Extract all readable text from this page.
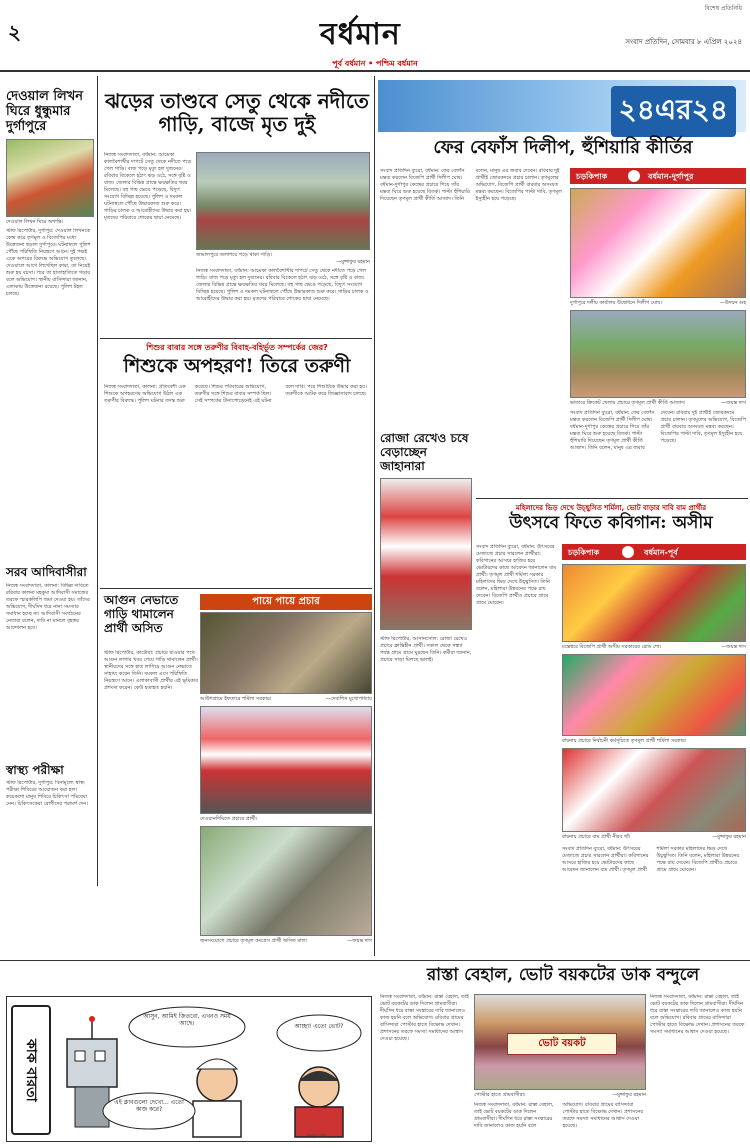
২	বর্ধমান
বিশেষ প্রতিনিধি
সংবাদ প্রতিদিন, সোমবার ৮ এপ্রিল ২০২৪
পূর্ব বর্ধমান • পশ্চিম বর্ধমান
দেওয়াল লিখন ঘিরে ধুন্ধুমার দুর্গাপুরে
দেওয়াল লিখন ঘিরে অশান্তি।
স্টাফ রিপোর্টার, দুর্গাপুর: দেওয়াল লিখনকে কেন্দ্র করে তৃণমূল ও বিজেপির মধ্যে উত্তেজনা ছড়াল দুর্গাপুরে। ঘটনাস্থলে পুলিশ পৌঁছে পরিস্থিতি নিয়ন্ত্রণে আনে। দুই পক্ষই একে অপরের বিরুদ্ধে অভিযোগ তুলেছে। দেওয়ালে আগে লিখেছিল কারা, তা নিয়েই শুরু হয় বচসা। পরে তা হাতাহাতিতে গড়ায় বলে অভিযোগ। স্থানীয় বাসিন্দারা জানান, এলাকায় উত্তেজনা রয়েছে। পুলিশ টহল চলছে।
সরব আদিবাসীরা
নিজস্ব সংবাদদাতা, কালনা: বিভিন্ন দাবিতে রবিবার কালনা মহকুমা আদিবাসী সমাজের তরফে স্মারকলিপি জমা দেওয়া হয়। তাঁদের অভিযোগ, দীর্ঘদিন ধরে নানা সমস্যার সমাধান হচ্ছে না। আদিবাসী সংগঠনের নেতারা বলেন, দাবি না মানলে বৃহত্তর আন্দোলন হবে।
স্বাস্থ্য পরীক্ষা
স্টাফ রিপোর্টার, দুর্গাপুর: বিনামূল্যে স্বাস্থ্য পরীক্ষা শিবিরের আয়োজন করা হল। কয়েকশো মানুষ শিবিরে চিকিৎসা পরিষেবা নেন। চিকিৎসকেরা রোগীদের পরামর্শ দেন।
ঝড়ের তাণ্ডবে সেতু থেকে নদীতে গাড়ি, বাজে মৃত দুই
নিজস্ব সংবাদদাতা, বর্ধমান: আচমকা কালবৈশাখীর দাপটে সেতু থেকে নদীতে পড়ে গেল গাড়ি। বাজ পড়ে মৃত্যু হল দুজনের। রবিবার বিকেলে হঠাৎ ঝড় ওঠে, সঙ্গে বৃষ্টি ও বাজ। জেলার বিভিন্ন প্রান্তে ক্ষয়ক্ষতির খবর মিলেছে। বহু গাছ ভেঙে পড়েছে, বিদ্যুৎ সংযোগ বিচ্ছিন্ন হয়েছে। পুলিশ ও দমকল ঘটনাস্থলে পৌঁছে উদ্ধারকাজ শুরু করে। গাড়ির চালক ও আরোহীদের উদ্ধার করা হয়। মৃতদের পরিবারে শোকের ছায়া নেমেছে।
জামালপুরে জলাশয়ে পড়ে থাকা গাড়ি।
—মুন্সাফুর রহমান
নিজস্ব সংবাদদাতা, বর্ধমান: আচমকা কালবৈশাখীর দাপটে সেতু থেকে নদীতে পড়ে গেল গাড়ি। বাজ পড়ে মৃত্যু হল দুজনের। রবিবার বিকেলে হঠাৎ ঝড় ওঠে, সঙ্গে বৃষ্টি ও বাজ। জেলার বিভিন্ন প্রান্তে ক্ষয়ক্ষতির খবর মিলেছে। বহু গাছ ভেঙে পড়েছে, বিদ্যুৎ সংযোগ বিচ্ছিন্ন হয়েছে। পুলিশ ও দমকল ঘটনাস্থলে পৌঁছে উদ্ধারকাজ শুরু করে। গাড়ির চালক ও আরোহীদের উদ্ধার করা হয়। মৃতদের পরিবারে শোকের ছায়া নেমেছে।
শিশুর বাবার সঙ্গে তরুণীর বিবাহ-বহির্ভূত সম্পর্কের জের?
শিশুকে অপহরণ! তিরে তরুণী
নিজস্ব সংবাদদাতা, কালনা: প্রতিবেশী এক শিশুকে অপহরণের অভিযোগ উঠল এক তরুণীর বিরুদ্ধে। পুলিশ ঘটনার তদন্ত শুরু করেছে। শিশুর পরিবারের অভিযোগ, তরুণীর সঙ্গে শিশুর বাবার সম্পর্ক ছিল। সেই সম্পর্কের টানাপোড়েনেই এই ঘটনা বলে দাবি। পরে শিশুটিকে উদ্ধার করা হয়। তরুণীকে আটক করে জিজ্ঞাসাবাদ চলছে।
আগুন নেভাতে গাড়ি থামালেন প্রার্থী অসিত
স্টাফ রিপোর্টার, কাটোয়া: প্রচারে যাওয়ার পথে আগুন লাগার খবর পেয়ে গাড়ি থামালেন প্রার্থী। স্থানীয়দের সঙ্গে হাত লাগিয়ে আগুন নেভাতে সাহায্য করেন তিনি। দমকল এসে পরিস্থিতি নিয়ন্ত্রণে আনে। এলাকাবাসী প্রার্থীর এই ভূমিকার প্রশংসা করেন। কেউ হতাহত হয়নি।
পায়ে পায়ে প্রচার
আউশগ্রামে ইফতারে শর্মিলা সরকার।	—দেবাশিস মুখোপাধ্যায়
দেওয়ানদিঘিতে প্রচারে প্রার্থী।
জনসংযোগে প্রচারে তৃণমূল কংগ্রেস প্রার্থী অসিত মাল।	—জয়ন্ত দাস
২৪এর২৪
ফের বেফাঁস দিলীপ, হুঁশিয়ারি কীর্তির
সংবাদ প্রতিদিন ব্যুরো, বর্ধমান: ফের বেফাঁস মন্তব্য করলেন বিজেপি প্রার্থী দিলীপ ঘোষ। বর্ধমান-দুর্গাপুর কেন্দ্রের প্রচারে গিয়ে তাঁর মন্তব্য ঘিরে শুরু হয়েছে বিতর্ক। পাল্টা হুঁশিয়ারি দিয়েছেন তৃণমূল প্রার্থী কীর্তি আজাদ। তিনি বলেন, মানুষ এর জবাব দেবেন। রবিবার দুই প্রার্থীই জোরকদমে প্রচার চালান। তৃণমূলের অভিযোগ, বিজেপি প্রার্থী বারবার অসংযত মন্তব্য করছেন। বিজেপির পাল্টা দাবি, তৃণমূল ইস্যুহীন হয়ে পড়েছে।
চড়কিপাক	বর্ধমান-দুর্গাপুর
দুর্গাপুরে দলীয় কার্যালয় উদ্বোধনে দিলীপ ঘোষ।	—উদয়ন গুহ
ভাতারে ক্রিকেট খেলায় প্রচারে তৃণমূল প্রার্থী কীর্তি আজাদ।	—জয়ন্ত দাস
সংবাদ প্রতিদিন ব্যুরো, বর্ধমান: ফের বেফাঁস মন্তব্য করলেন বিজেপি প্রার্থী দিলীপ ঘোষ। বর্ধমান-দুর্গাপুর কেন্দ্রের প্রচারে গিয়ে তাঁর মন্তব্য ঘিরে শুরু হয়েছে বিতর্ক। পাল্টা হুঁশিয়ারি দিয়েছেন তৃণমূল প্রার্থী কীর্তি আজাদ। তিনি বলেন, মানুষ এর জবাব দেবেন। রবিবার দুই প্রার্থীই জোরকদমে প্রচার চালান। তৃণমূলের অভিযোগ, বিজেপি প্রার্থী বারবার অসংযত মন্তব্য করছেন। বিজেপির পাল্টা দাবি, তৃণমূল ইস্যুহীন হয়ে পড়েছে।
রোজা রেখেও চষে বেড়াচ্ছেন জাহানারা
স্টাফ রিপোর্টার, আসানসোল: রোজা রেখেও প্রচারে ক্লান্তিহীন প্রার্থী। সকাল থেকে সন্ধ্যা পর্যন্ত গ্রামে গ্রামে ঘুরছেন তিনি। কর্মীরা জানান, প্রচারে সাড়া মিলছে ভালই।
মহিলাদের ভিড় দেখে উচ্ছ্বসিত শর্মিলা, ভোট বাড়ার দাবি বাম প্রার্থীর
উৎসবে ফিতে কবিগান: অসীম
সংবাদ প্রতিদিন ব্যুরো, বর্ধমান: উৎসবের মেজাজে প্রচার সারলেন প্রার্থীরা। কবিগানের আসরে হাজির হয়ে ভোটারদের কাছে আবেদন জানালেন বাম প্রার্থী। তৃণমূল প্রার্থী শর্মিলা সরকার মহিলাদের ভিড় দেখে উচ্ছ্বসিত। তিনি বলেন, মহিলারা উন্নয়নের পক্ষে রায় দেবেন। বিজেপি প্রার্থীও প্রচারে গ্রামে গ্রামে ঘোরেন।
চড়কিপাক	বর্ধমান-পূর্ব
মন্তেশ্বরে বিজেপি প্রার্থী অসীম সরকারের রোড শো।	—জয়ন্ত দাস
রায়নায় প্রচারে নির্বাচনী কর্মসূচিতে তৃণমূল প্রার্থী শর্মিলা সরকার।
রায়নায় প্রচারে বাম প্রার্থী নীরব খাঁ।	—মুন্সাফুর রহমান
সংবাদ প্রতিদিন ব্যুরো, বর্ধমান: উৎসবের মেজাজে প্রচার সারলেন প্রার্থীরা। কবিগানের আসরে হাজির হয়ে ভোটারদের কাছে আবেদন জানালেন বাম প্রার্থী। তৃণমূল প্রার্থী শর্মিলা সরকার মহিলাদের ভিড় দেখে উচ্ছ্বসিত। তিনি বলেন, মহিলারা উন্নয়নের পক্ষে রায় দেবেন। বিজেপি প্রার্থীও প্রচারে গ্রামে গ্রামে ঘোরেন।
রাস্তা বেহাল, ভোট বয়কটের ডাক বন্দুলে
নিজস্ব সংবাদদাতা, বর্ধমান: রাস্তা বেহাল, তাই ভোট বয়কটের ডাক দিলেন গ্রামবাসীরা। দীর্ঘদিন ধরে রাস্তা সংস্কারের দাবি জানালেও কাজ হয়নি বলে অভিযোগ। রবিবার গ্রামের বাসিন্দারা পোস্টার হাতে বিক্ষোভ দেখান। প্রশাসনের তরফে সমস্যা সমাধানের আশ্বাস দেওয়া হয়েছে।	ভোট বয়কট
পোস্টার হাতে গ্রামবাসীরা।	—মুন্সাফুর রহমান
নিজস্ব সংবাদদাতা, বর্ধমান: রাস্তা বেহাল, তাই ভোট বয়কটের ডাক দিলেন গ্রামবাসীরা। দীর্ঘদিন ধরে রাস্তা সংস্কারের দাবি জানালেও কাজ হয়নি বলে অভিযোগ। রবিবার গ্রামের বাসিন্দারা পোস্টার হাতে বিক্ষোভ দেখান। প্রশাসনের তরফে সমস্যা সমাধানের আশ্বাস দেওয়া হয়েছে।
নিজস্ব সংবাদদাতা, বর্ধমান: রাস্তা বেহাল, তাই ভোট বয়কটের ডাক দিলেন গ্রামবাসীরা। দীর্ঘদিন ধরে রাস্তা সংস্কারের দাবি জানালেও কাজ হয়নি বলে অভিযোগ। রবিবার গ্রামের বাসিন্দারা পোস্টার হাতে বিক্ষোভ দেখান। প্রশাসনের তরফে সমস্যা সমাধানের আশ্বাস দেওয়া হয়েছে।
কাক বারতা
আসুন, আমিই জিতবো, এখনও সময় আছে।	আচ্ছা! এতো ভোট?
এই ক্লাবগুলো দেখো... এতো কাজ করে?
অনুপ রায়
